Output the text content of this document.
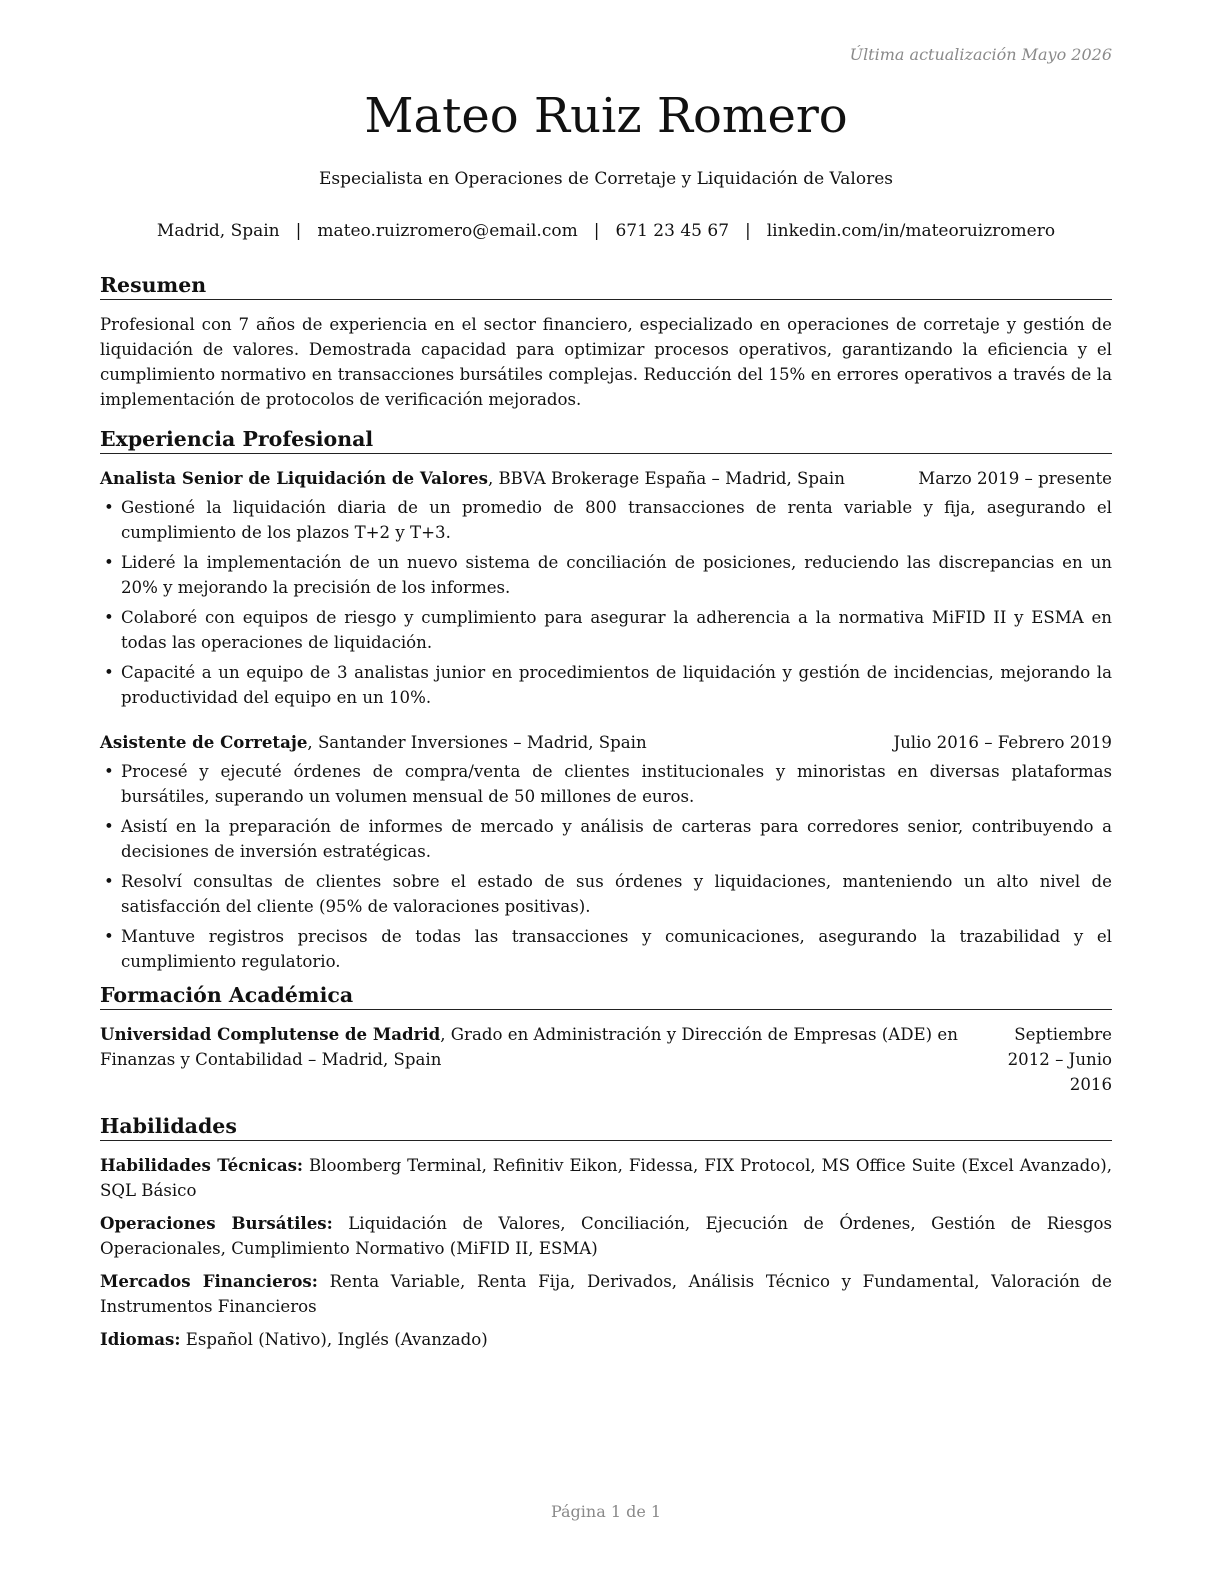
Última actualización Mayo 2026
Mateo Ruiz Romero
Especialista en Operaciones de Corretaje y Liquidación de Valores
Madrid, Spain | mateo.ruizromero@email.com | 671 23 45 67 | linkedin.com/in/mateoruizromero
Resumen
Profesional con 7 años de experiencia en el sector financiero, especializado en operaciones de corretaje y gestión de liquidación de valores. Demostrada capacidad para optimizar procesos operativos, garantizando la eficiencia y el cumplimiento normativo en transacciones bursátiles complejas. Reducción del 15% en errores operativos a través de la implementación de protocolos de verificación mejorados.
Experiencia Profesional
Analista Senior de Liquidación de Valores, BBVA Brokerage España – Madrid, Spain	Marzo 2019 – presente
• Gestioné la liquidación diaria de un promedio de 800 transacciones de renta variable y fija, asegurando el cumplimiento de los plazos T+2 y T+3.
• Lideré la implementación de un nuevo sistema de conciliación de posiciones, reduciendo las discrepancias en un 20% y mejorando la precisión de los informes.
• Colaboré con equipos de riesgo y cumplimiento para asegurar la adherencia a la normativa MiFID II y ESMA en todas las operaciones de liquidación.
• Capacité a un equipo de 3 analistas junior en procedimientos de liquidación y gestión de incidencias, mejorando la productividad del equipo en un 10%.
Asistente de Corretaje, Santander Inversiones – Madrid, Spain	Julio 2016 – Febrero 2019
• Procesé y ejecuté órdenes de compra/venta de clientes institucionales y minoristas en diversas plataformas bursátiles, superando un volumen mensual de 50 millones de euros.
• Asistí en la preparación de informes de mercado y análisis de carteras para corredores senior, contribuyendo a decisiones de inversión estratégicas.
• Resolví consultas de clientes sobre el estado de sus órdenes y liquidaciones, manteniendo un alto nivel de satisfacción del cliente (95% de valoraciones positivas).
• Mantuve registros precisos de todas las transacciones y comunicaciones, asegurando la trazabilidad y el cumplimiento regulatorio.
Formación Académica
Universidad Complutense de Madrid, Grado en Administración y Dirección de Empresas (ADE) en Finanzas y Contabilidad – Madrid, Spain
Septiembre 2012 – Junio 2016
Habilidades
Habilidades Técnicas: Bloomberg Terminal, Refinitiv Eikon, Fidessa, FIX Protocol, MS Office Suite (Excel Avanzado), SQL Básico
Operaciones Bursátiles: Liquidación de Valores, Conciliación, Ejecución de Órdenes, Gestión de Riesgos Operacionales, Cumplimiento Normativo (MiFID II, ESMA)
Mercados Financieros: Renta Variable, Renta Fija, Derivados, Análisis Técnico y Fundamental, Valoración de Instrumentos Financieros
Idiomas: Español (Nativo), Inglés (Avanzado)
Página 1 de 1
